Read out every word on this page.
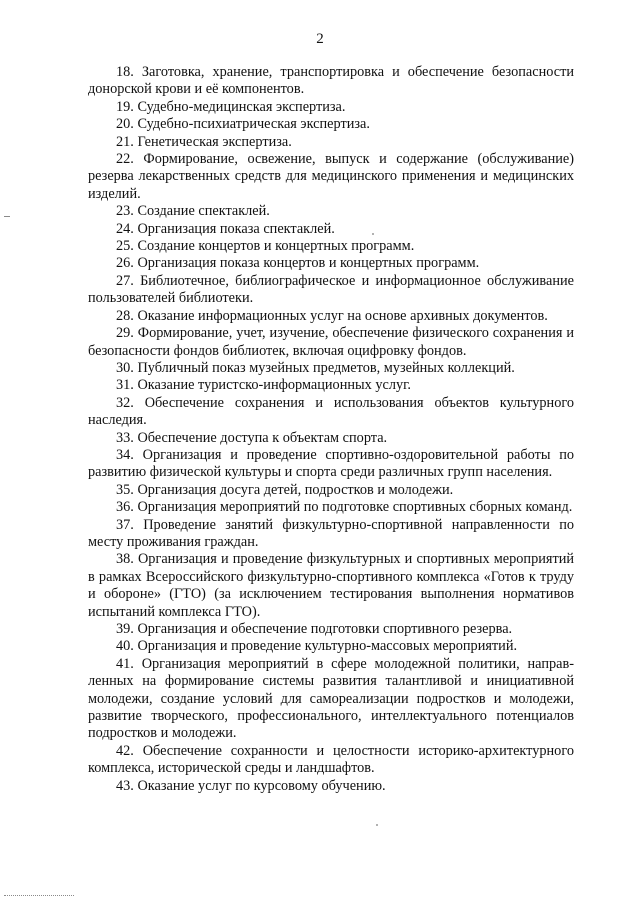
2

18. Заготовка, хранение, транспортировка и обеспечение безопасности донорской крови и её компонентов.

19. Судебно-медицинская экспертиза.

20. Судебно-психиатрическая экспертиза.

21. Генетическая экспертиза.

22. Формирование, освежение, выпуск и содержание (обслуживание) резерва лекарственных средств для медицинского применения и медицинских изделий.

23. Создание спектаклей.

24. Организация показа спектаклей.

25. Создание концертов и концертных программ.

26. Организация показа концертов и концертных программ.

27. Библиотечное, библиографическое и информационное обслуживание пользователей библиотеки.

28. Оказание информационных услуг на основе архивных документов.

29. Формирование, учет, изучение, обеспечение физического сохранения и безопасности фондов библиотек, включая оцифровку фондов.

30. Публичный показ музейных предметов, музейных коллекций.

31. Оказание туристско-информационных услуг.

32. Обеспечение сохранения и использования объектов культурного наследия.

33. Обеспечение доступа к объектам спорта.

34. Организация и проведение спортивно-оздоровительной работы по развитию физической культуры и спорта среди различных групп населения.

35. Организация досуга детей, подростков и молодежи.

36. Организация мероприятий по подготовке спортивных сборных команд.

37. Проведение занятий физкультурно-спортивной направленности по месту проживания граждан.

38. Организация и проведение физкультурных и спортивных мероприятий в рамках Всероссийского физкультурно-спортивного комплекса «Готов к труду и обороне» (ГТО) (за исключением тестирования выполнения нормативов испытаний комплекса ГТО).

39. Организация и обеспечение подготовки спортивного резерва.

40. Организация и проведение культурно-массовых мероприятий.

41. Организация мероприятий в сфере молодежной политики, направленных на формирование системы развития талантливой и инициативной молодежи, создание условий для самореализации подростков и молодежи, развитие творческого, профессионального, интеллектуального потенциалов подростков и молодежи.

42. Обеспечение сохранности и целостности историко-архитектурного комплекса, исторической среды и ландшафтов.

43. Оказание услуг по курсовому обучению.
